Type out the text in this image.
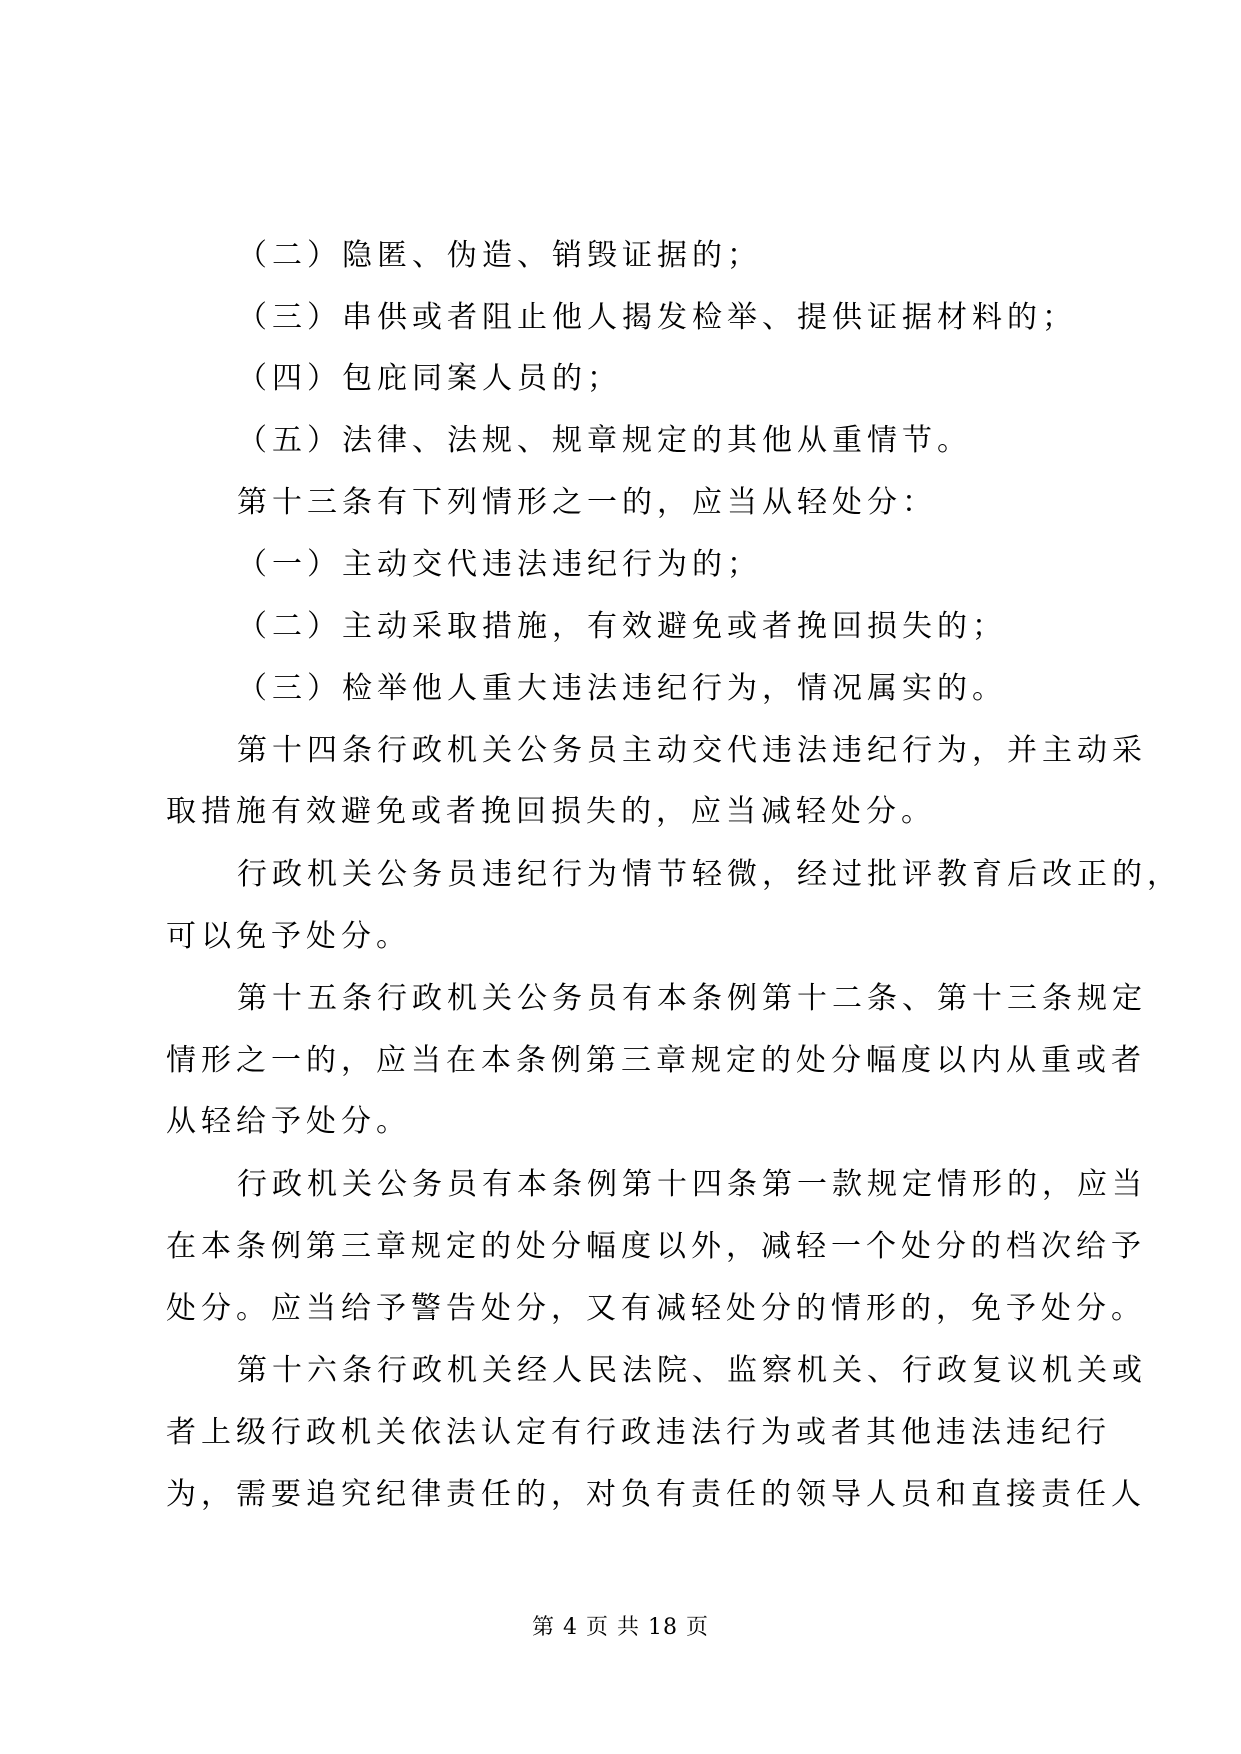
（二）隐匿、伪造、销毁证据的；

（三）串供或者阻止他人揭发检举、提供证据材料的；

（四）包庇同案人员的；

（五）法律、法规、规章规定的其他从重情节。

第十三条有下列情形之一的，应当从轻处分：

（一）主动交代违法违纪行为的；

（二）主动采取措施，有效避免或者挽回损失的；

（三）检举他人重大违法违纪行为，情况属实的。

第十四条行政机关公务员主动交代违法违纪行为，并主动采

取措施有效避免或者挽回损失的，应当减轻处分。

行政机关公务员违纪行为情节轻微，经过批评教育后改正的，

可以免予处分。

第十五条行政机关公务员有本条例第十二条、第十三条规定

情形之一的，应当在本条例第三章规定的处分幅度以内从重或者

从轻给予处分。

行政机关公务员有本条例第十四条第一款规定情形的，应当

在本条例第三章规定的处分幅度以外，减轻一个处分的档次给予

处分。应当给予警告处分，又有减轻处分的情形的，免予处分。

第十六条行政机关经人民法院、监察机关、行政复议机关或

者上级行政机关依法认定有行政违法行为或者其他违法违纪行

为，需要追究纪律责任的，对负有责任的领导人员和直接责任人

第 4 页 共 18 页
